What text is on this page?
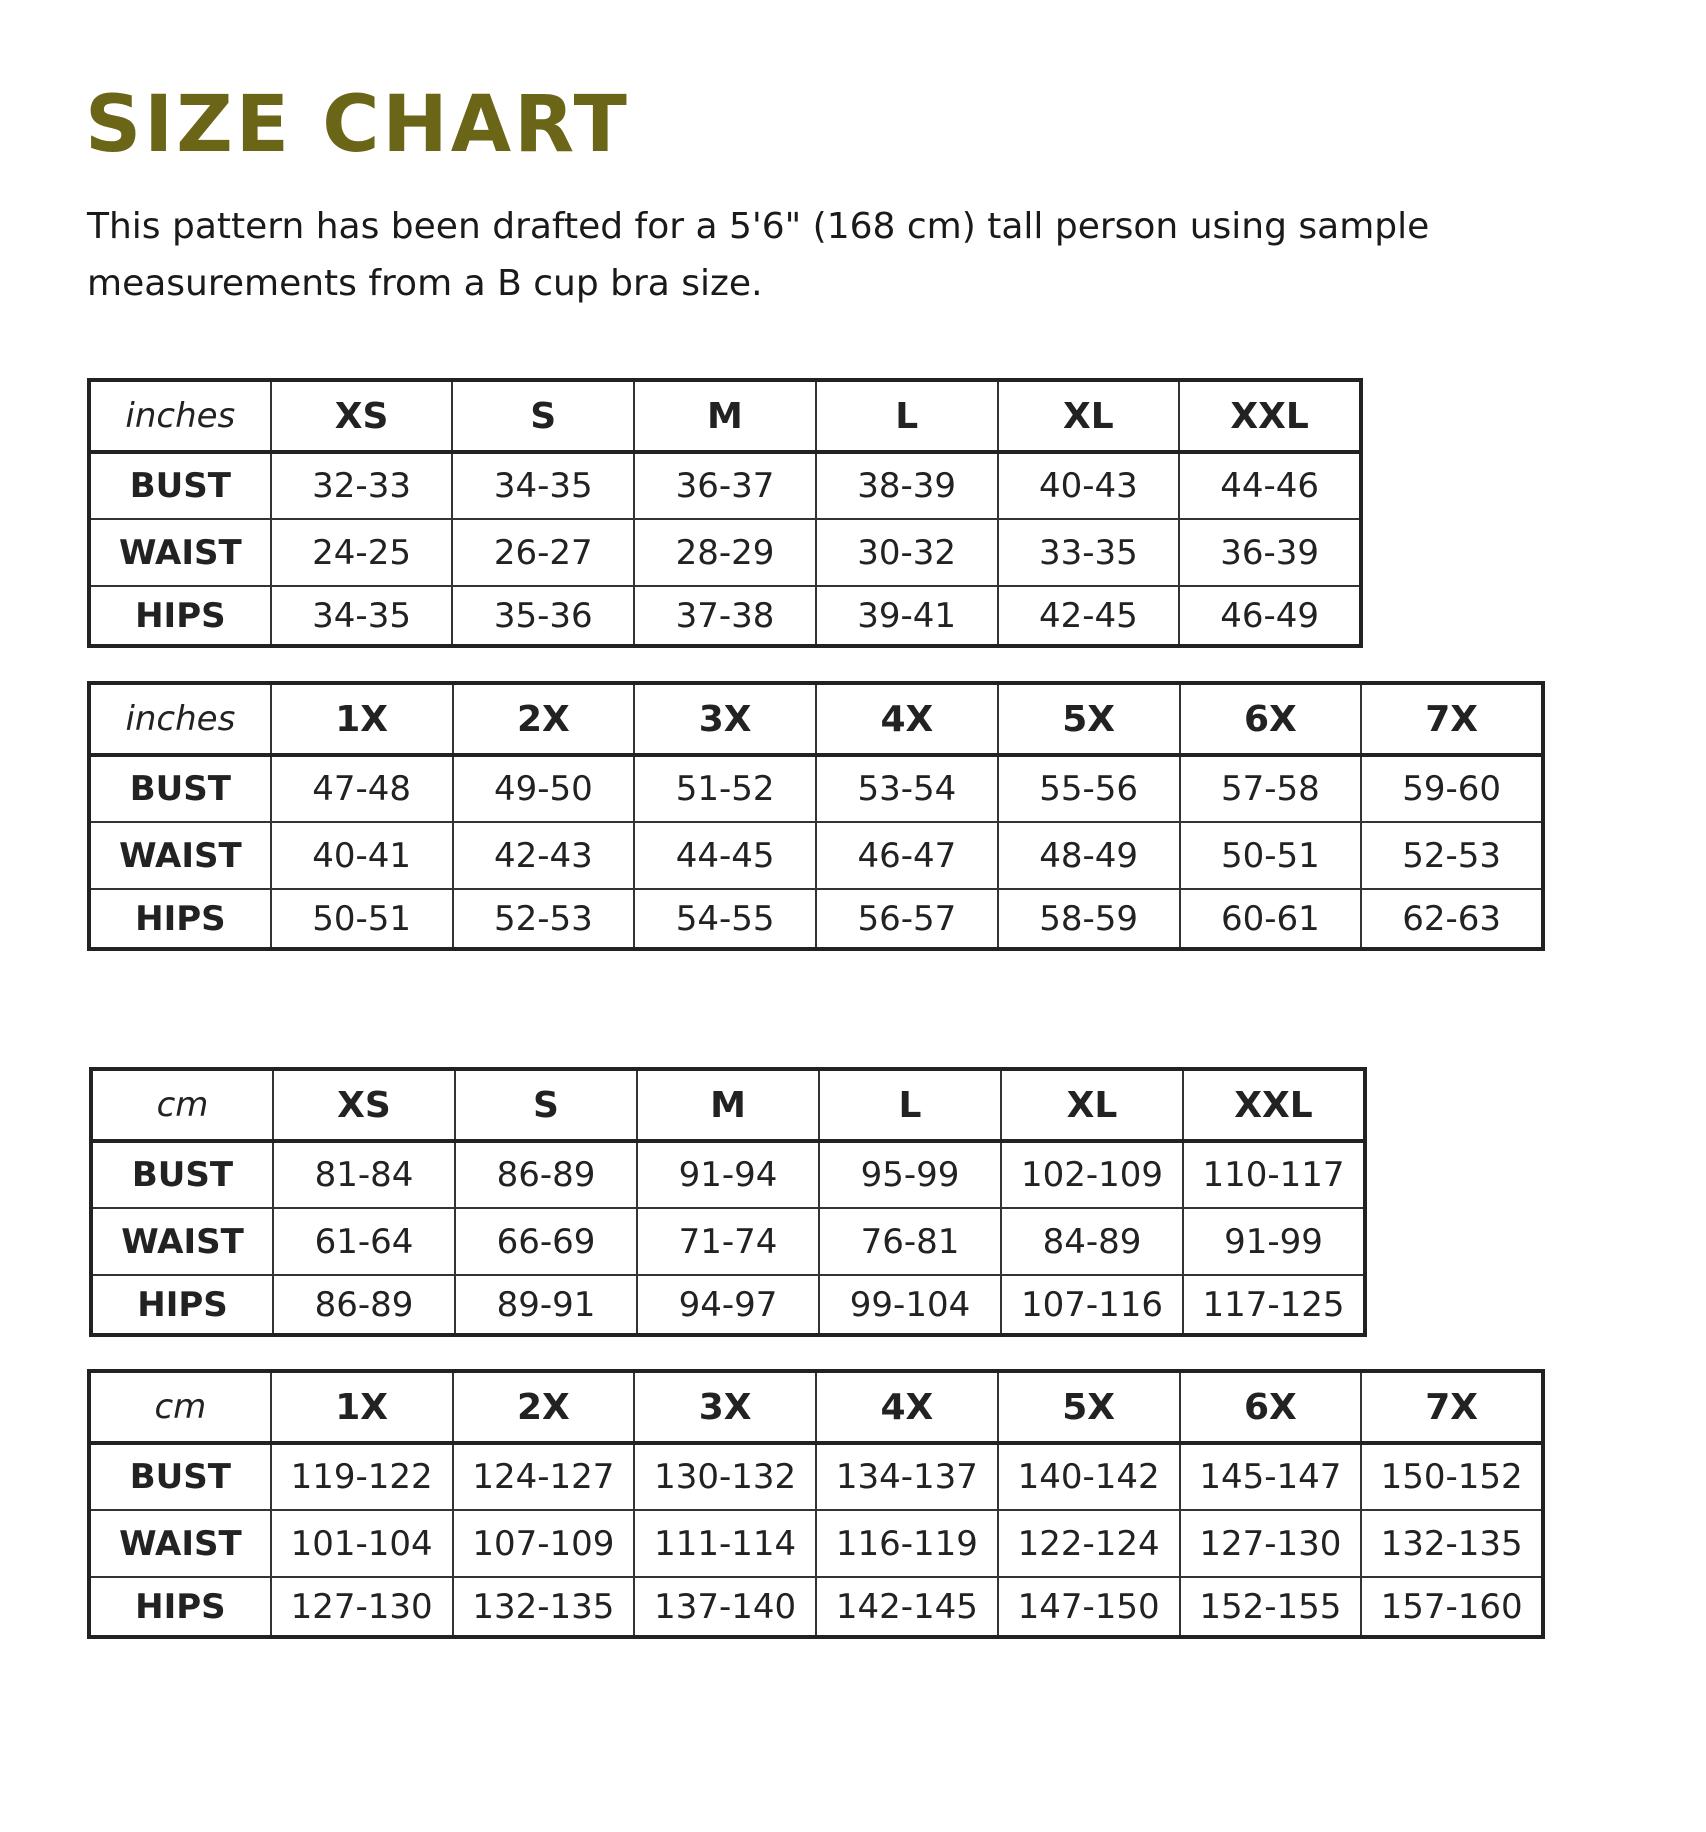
SIZE CHART

This pattern has been drafted for a 5'6" (168 cm) tall person using sample measurements from a B cup bra size.

inches	XS	S	M	L	XL	XXL
BUST	32-33	34-35	36-37	38-39	40-43	44-46
WAIST	24-25	26-27	28-29	30-32	33-35	36-39
HIPS	34-35	35-36	37-38	39-41	42-45	46-49
inches	1X	2X	3X	4X	5X	6X	7X
BUST	47-48	49-50	51-52	53-54	55-56	57-58	59-60
WAIST	40-41	42-43	44-45	46-47	48-49	50-51	52-53
HIPS	50-51	52-53	54-55	56-57	58-59	60-61	62-63
cm	XS	S	M	L	XL	XXL
BUST	81-84	86-89	91-94	95-99	102-109	110-117
WAIST	61-64	66-69	71-74	76-81	84-89	91-99
HIPS	86-89	89-91	94-97	99-104	107-116	117-125
cm	1X	2X	3X	4X	5X	6X	7X
BUST	119-122	124-127	130-132	134-137	140-142	145-147	150-152
WAIST	101-104	107-109	111-114	116-119	122-124	127-130	132-135
HIPS	127-130	132-135	137-140	142-145	147-150	152-155	157-160
